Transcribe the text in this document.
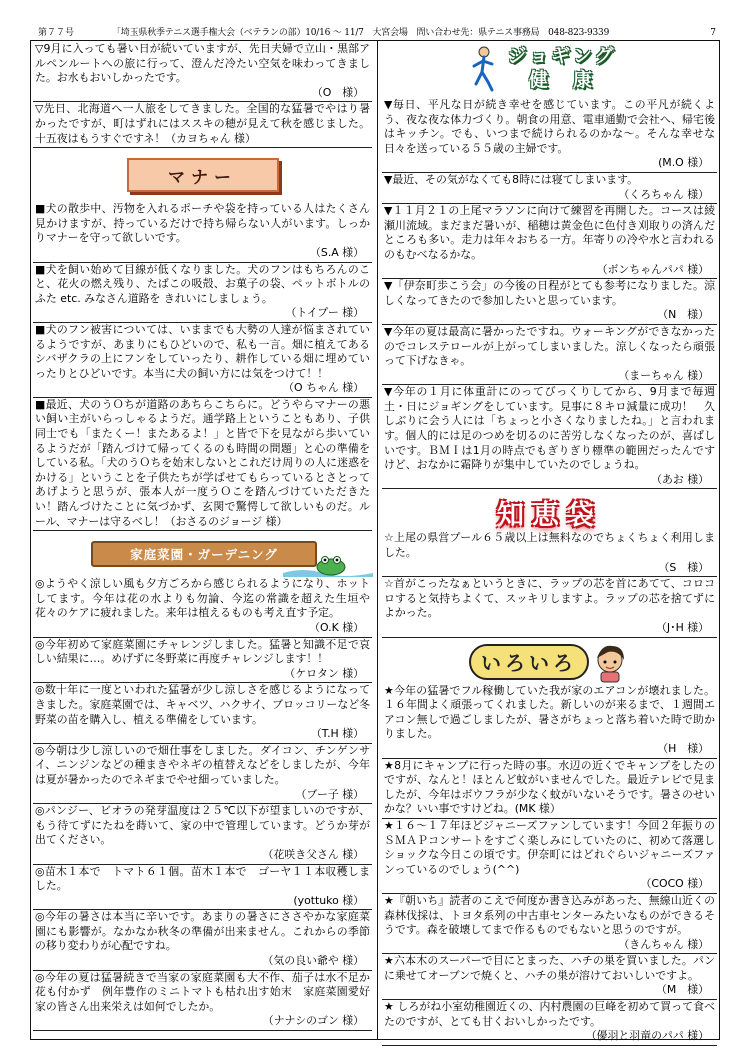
第７７号	「埼玉県秋季テニス選手権大会（ベテランの部）10/16 ～ 11/7　大宮会場　問い合わせ先：県テニス事務局　048-823-9339	7
▽9月に入っても暑い日が続いていますが、先日夫婦で立山・黒部アルペンルートへの旅に行って、澄んだ冷たい空気を味わってきました。お水もおいしかったです。
（O　様）
▽先日、北海道へ一人旅をしてきました。全国的な猛暑でやはり暑かったですが、町はずれにはススキの穂が見えて秋を感じました。十五夜はもうすぐですネ！（カヨちゃん 様）
マナー
■犬の散歩中、汚物を入れるポーチや袋を持っている人はたくさん見かけますが、持っているだけで持ち帰らない人がいます。しっかりマナーを守って欲しいです。
（S.A 様）
■犬を飼い始めて目線が低くなりました。犬のフンはもちろんのこと、花火の燃え残り、たばこの吸殻、お菓子の袋、ペットボトルのふた etc. みなさん道路を きれいにしましょう。
（トイプー 様）
■犬のフン被害については、いままでも大勢の人達が悩まされているようですが、あまりにもひどいので、私も一言。畑に植えてあるシバザクラの上にフンをしていったり、耕作している畑に埋めていったりとひどいです。本当に犬の飼い方には気をつけて！！
（O ちゃん 様）
■最近、犬のうＯちが道路のあちらこちらに。どうやらマナーの悪い飼い主がいらっしゃるようだ。通学路上ということもあり、子供同士でも「またくー！またあるよ！」と皆で下を見ながら歩いているようだが「踏んづけて帰ってくるのも時間の問題」と心の準備をしている私。「犬のうＯちを始末しないとこれだけ周りの人に迷惑をかける」ということを子供たちが学ばせてもらっているとさとってあげようと思うが、張本人が一度うＯこを踏んづけていただきたい！踏んづけたことに気づかず、玄関で驚愕して欲しいものだ。ルール、マナーは守るべし！（おさるのジョージ 様）
家庭菜園・ガーデニング
◎ようやく涼しい風も夕方ごろから感じられるようになり、ホットしてます。今年は花の水よりも勿論、今迄の常識を超えた生垣や花々のケアに疲れました。来年は植えるものも考え直す予定。
（O.K 様）
◎今年初めて家庭菜園にチャレンジしました。猛暑と知識不足で哀しい結果に…。めげずに冬野菜に再度チャレンジします！！
（ケロタン 様）
◎数十年に一度といわれた猛暑が少し涼しさを感じるようになってきました。家庭菜園では、キャベツ、ハクサイ、ブロッコリーなど冬野菜の苗を購入し、植える準備をしています。
（T.H 様）
◎今朝は少し涼しいので畑仕事をしました。ダイコン、チンゲンサイ、ニンジンなどの種まきやネギの植替えなどをしましたが、今年は夏が暑かったのでネギまでやせ細っていました。
（ブー子 様）
◎パンジー、ビオラの発芽温度は２５℃以下が望ましいのですが、もう待てずにたねを蒔いて、家の中で管理しています。どうか芽が出てください。
（花咲き父さん 様）
◎苗木１本で　トマト６１個。苗木１本で　ゴーヤ１１本収穫しました。
(yottuko 様）
◎今年の暑さは本当に辛いです。あまりの暑さにささやかな家庭菜園にも影響が。なかなか秋冬の準備が出来ません。これからの季節の移り変わりが心配ですね。
（気の良い爺や 様）
◎今年の夏は猛暑続きで当家の家庭菜園も大不作、茄子は水不足か花も付かず　例年豊作のミニトマトも枯れ出す始末　家庭菜園愛好家の皆さん出来栄えは如何でしたか。
（ナナシのゴン 様）
ジョギング
健　康
▼毎日、平凡な日が続き幸せを感じています。この平凡が続くよう、夜な夜な体力づくり。朝食の用意、電車通勤で会社へ、帰宅後はキッチン。でも、いつまで続けられるのかな～。そんな幸せな日々を送っている５５歳の主婦です。
(M.O 様）
▼最近、その気がなくても8時には寝てしまいます。
（くろちゃん 様）
▼１１月２１の上尾マラソンに向けて練習を再開した。コースは綾瀬川流域。まだまだ暑いが、稲穂は黄金色に色付き刈取りの済んだところも多い。走力は年々おちる一方。年寄りの冷や水と言われるのもむべなるかな。
（ボンちゃんパパ 様）
▼「伊奈町歩こう会」の今後の日程がとても参考になりました。涼しくなってきたので参加したいと思っています。
（N　様）
▼今年の夏は最高に暑かったですね。ウォーキングができなかったのでコレステロールが上がってしまいました。涼しくなったら頑張って下げなきゃ。
（まーちゃん 様）
▼今年の１月に体重計にのってびっくりしてから、9月まで毎週土・日にジョギングをしています。見事に８キロ減量に成功！　久しぶりに会う人には「ちょっと小さくなりましたね。」と言われます。個人的には足のつめを切るのに苦労しなくなったのが、喜ばしいです。ＢＭＩは1月の時点でもぎりぎり標準の範囲だったんですけど、おなかに霜降りが集中していたのでしょうね。
（あお 様）
知恵袋
☆上尾の県営プール６５歳以上は無料なのでちょくちょく利用しました。
（S　様）
☆首がこったなぁというときに、ラップの芯を首にあてて、コロコロすると気持ちよくて、スッキリしますよ。ラップの芯を捨てずによかった。
（J･H 様）
いろいろ
★今年の猛暑でフル稼働していた我が家のエアコンが壊れました。１６年間よく頑張ってくれました。新しいのが来るまで、１週間エアコン無しで過ごしましたが、暑さがちょっと落ち着いた時で助かりました。
（H　様）
★8月にキャンプに行った時の事。水辺の近くでキャンプをしたのですが、なんと！ほとんど蚊がいませんでした。最近テレビで見ましたが、今年はボウフラが少なく蚊がいないそうです。暑さのせいかな？いい事ですけどね。(MK 様）
★１６～１７年ほどジャニーズファンしています！今回２年振りのＳＭＡＰコンサートをすごく楽しみにしていたのに、初めて落選しショックな今日この頃です。伊奈町にはどれぐらいジャニーズファンっているのでしょう(^^)
（COCO 様）
★『朝いち』読者のこえで何度か書き込みがあった、無線山近くの森林伐採は、トヨタ系列の中古車センターみたいなものができるそうです。森を破壊してまで作るものでもないと思うのですが。
（きんちゃん 様）
★六本木のスーパーで目にとまった、ハチの巣を買いました。パンに乗せてオーブンで焼くと、ハチの巣が溶けておいしいですよ。
（M　様）
★ しろがね小室幼稚園近くの、内村農園の巨峰を初めて買って食べたのですが、とても甘くおいしかったです。
（優羽と羽竜のパパ 様）
